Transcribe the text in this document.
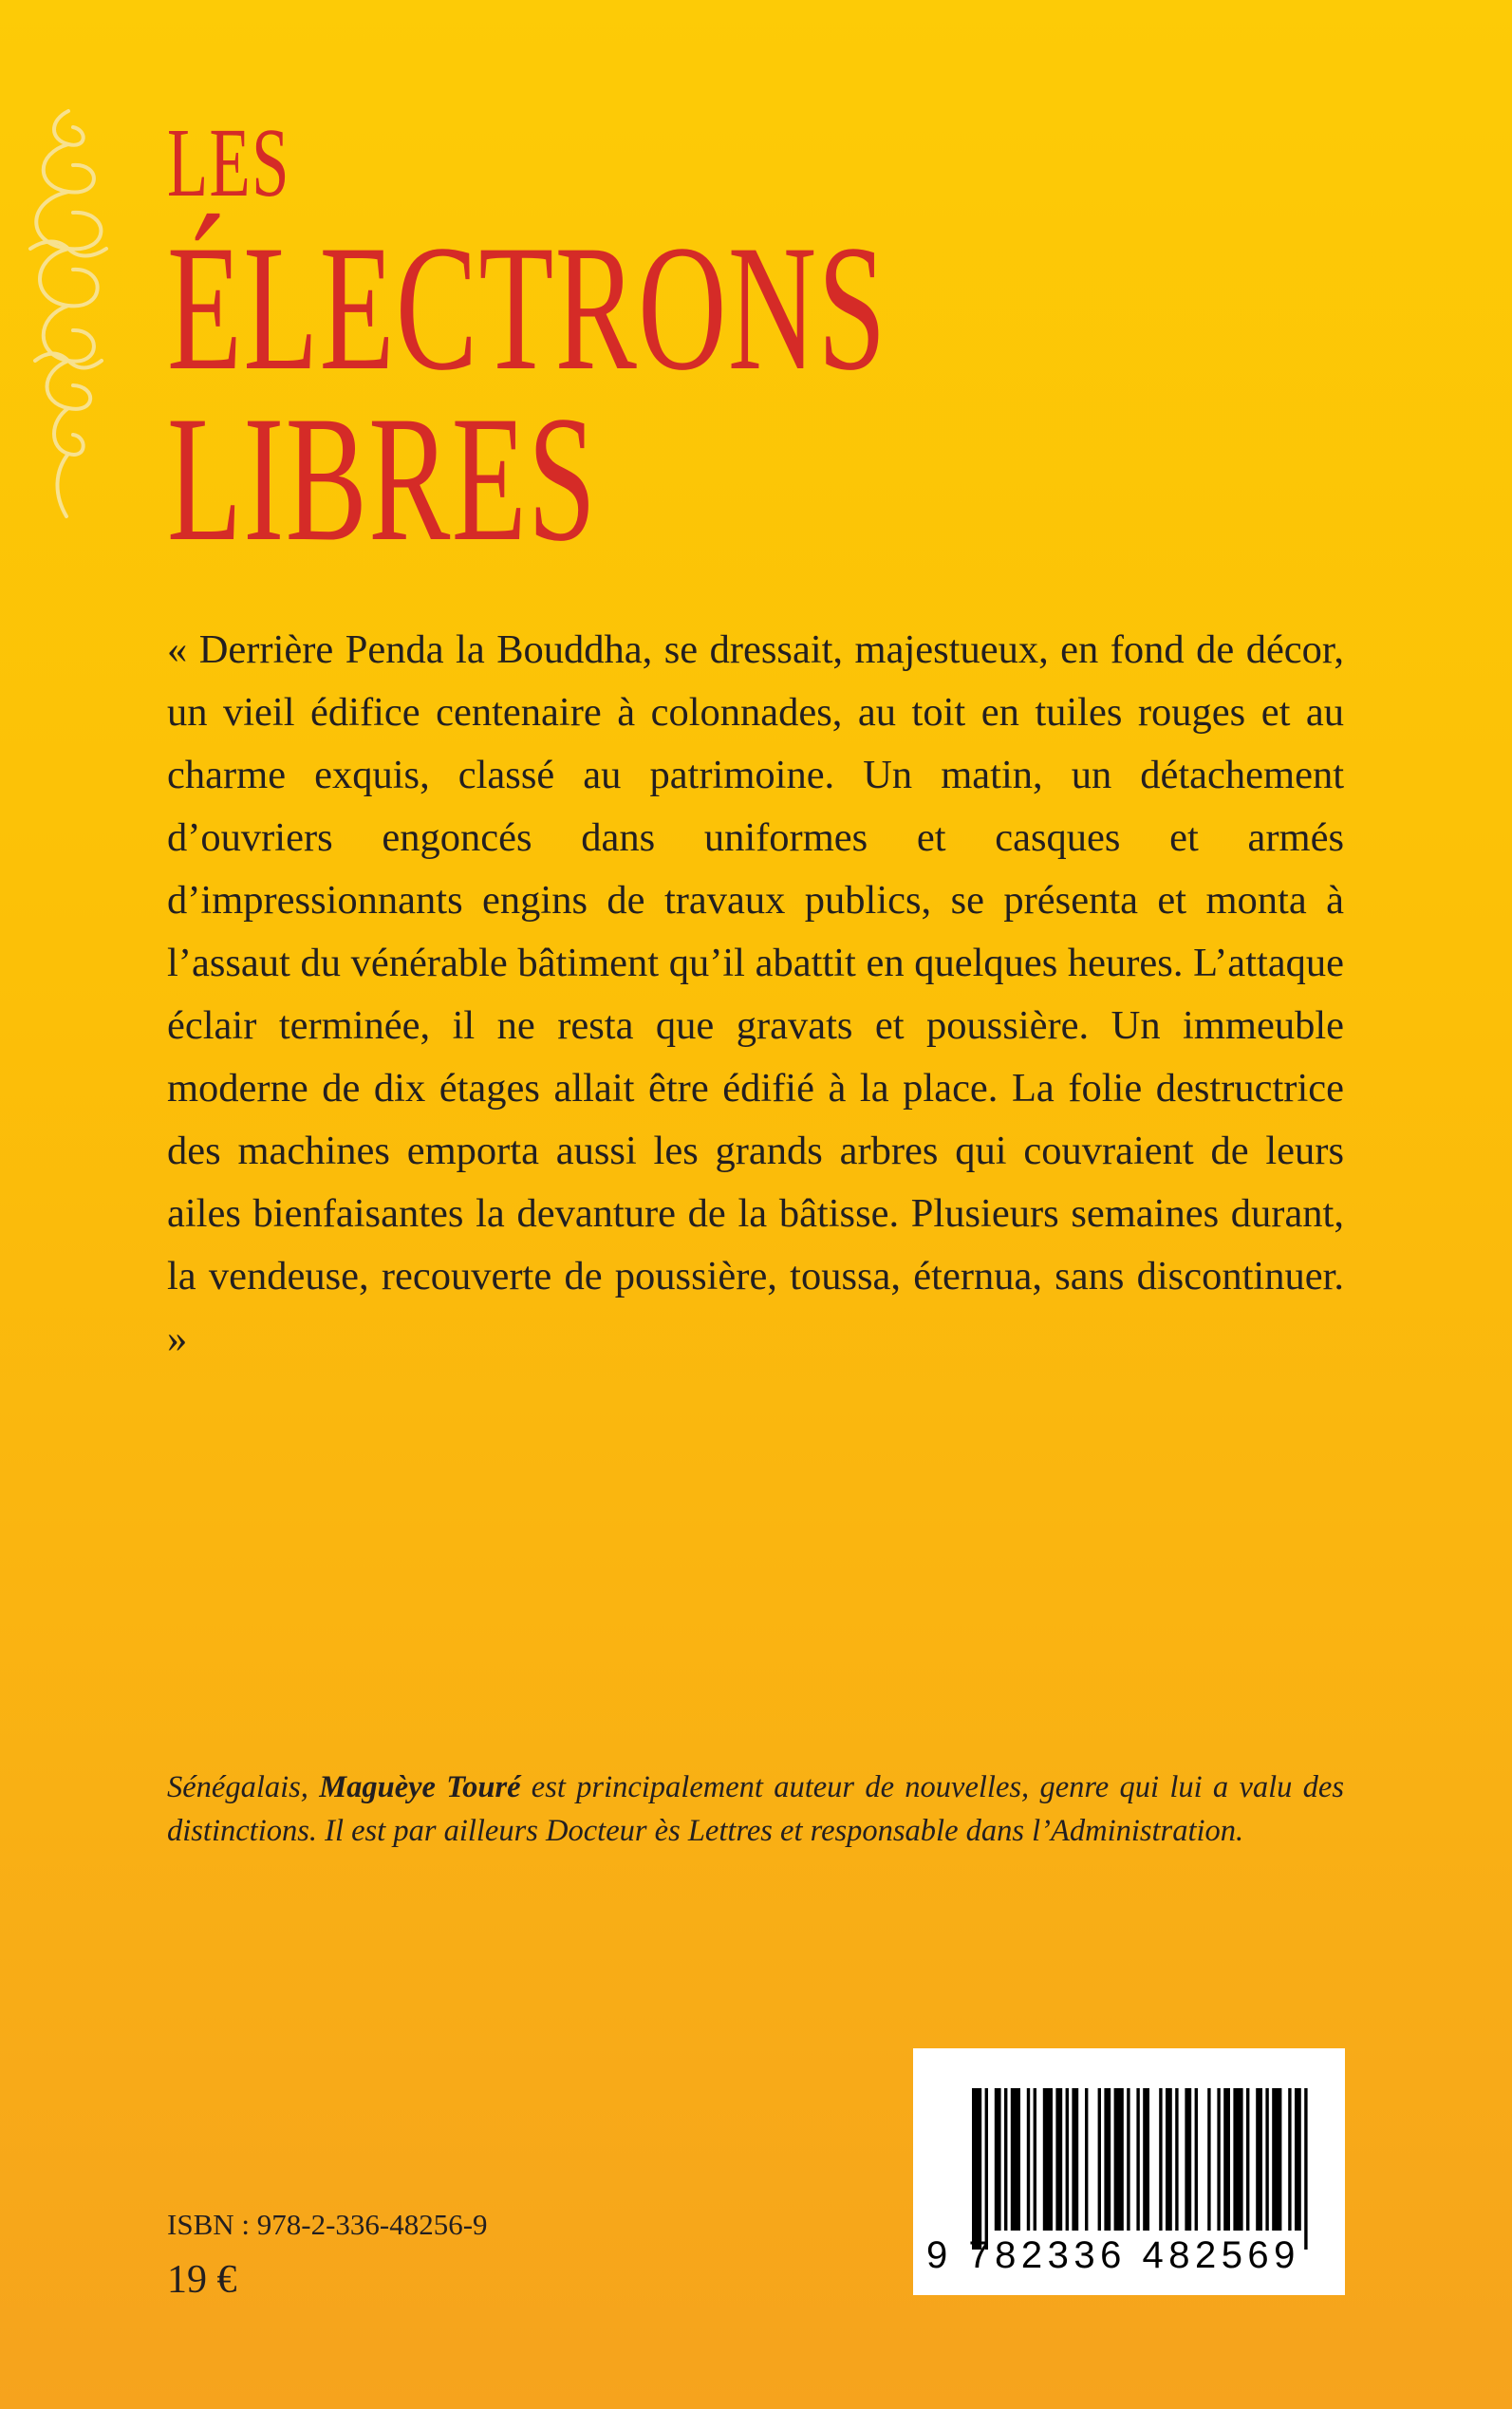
LES
ÉLECTRONS
LIBRES

« Derrière Penda la Bouddha, se dressait, majestueux, en fond de décor, un vieil édifice centenaire à colonnades, au toit en tuiles rouges et au charme exquis, classé au patrimoine. Un matin, un détachement d’ouvriers engoncés dans uniformes et casques et armés d’impressionnants engins de travaux publics, se présenta et monta à l’assaut du vénérable bâtiment qu’il abattit en quelques heures. L’attaque éclair terminée, il ne resta que gravats et poussière. Un immeuble moderne de dix étages allait être édifié à la place. La folie destructrice des machines emporta aussi les grands arbres qui couvraient de leurs ailes bienfaisantes la devanture de la bâtisse. Plusieurs semaines durant, la vendeuse, recouverte de poussière, toussa, éternua, sans discontinuer. »

Sénégalais, Maguèye Touré est principalement auteur de nouvelles, genre qui lui a valu des distinctions. Il est par ailleurs Docteur ès Lettres et responsable dans l’Administration.

ISBN : 978-2-336-48256-9
19 €
9 782336 482569
